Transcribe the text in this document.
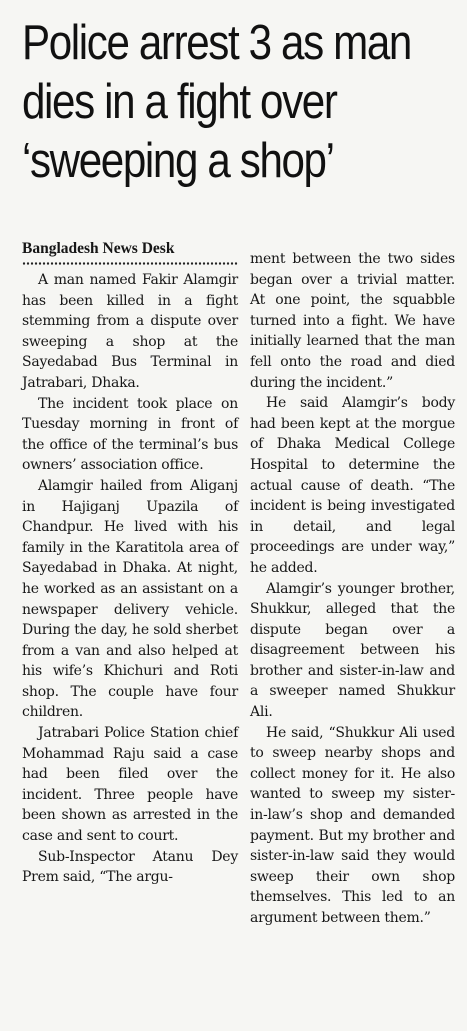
Police arrest 3 as man
dies in a fight over
‘sweeping a shop’
Bangladesh News Desk

A man named Fakir Alamgir has been killed in a fight stemming from a dispute over sweeping a shop at the Sayedabad Bus Terminal in Jatrabari, Dhaka.

The incident took place on Tuesday morning in front of the office of the terminal’s bus owners’ association office.

Alamgir hailed from Aliganj in Hajiganj Upazila of Chandpur. He lived with his family in the Karatitola area of Sayedabad in Dhaka. At night, he worked as an assistant on a newspaper delivery vehicle. During the day, he sold sherbet from a van and also helped at his wife’s Khichuri and Roti shop. The couple have four children.

Jatrabari Police Station chief Mohammad Raju said a case had been filed over the incident. Three people have been shown as arrested in the case and sent to court.

Sub-Inspector Atanu Dey Prem said, “The argu-

ment between the two sides began over a trivial matter. At one point, the squabble turned into a fight. We have initially learned that the man fell onto the road and died during the incident.”

He said Alamgir’s body had been kept at the morgue of Dhaka Medical College Hospital to determine the actual cause of death. “The incident is being investigated in detail, and legal proceedings are under way,” he added.

Alamgir’s younger brother, Shukkur, alleged that the dispute began over a disagreement between his brother and sister-in-law and a sweeper named Shukkur Ali.

He said, “Shukkur Ali used to sweep nearby shops and collect money for it. He also wanted to sweep my sister-in-law’s shop and demanded payment. But my brother and sister-in-law said they would sweep their own shop themselves. This led to an argument between them.”
